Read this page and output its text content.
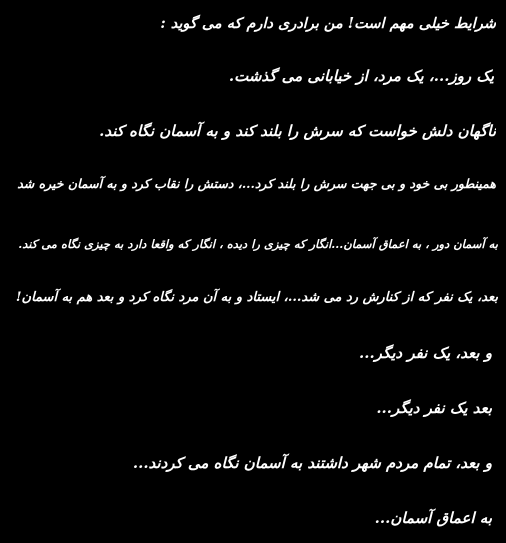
شرایط خیلی مهم است! من برادری دارم که می گوید :
یک روز...، یک مرد، از خیابانی می گذشت.
ناگهان دلش خواست که سرش را بلند کند و به آسمان نگاه کند.
همینطور بی خود و بی جهت سرش را بلند کرد...، دستش را نقاب کرد و به آسمان خیره شد
به آسمان دور ، به اعماق آسمان...انگار که چیزی را دیده ، انگار که واقعا دارد به چیزی نگاه می کند.
بعد، یک نفر که از کنارش رد می شد...، ایستاد و به آن مرد نگاه کرد و بعد هم به آسمان!
و بعد، یک نفر دیگر...
بعد یک نفر دیگر...
و بعد، تمام مردم شهر داشتند به آسمان نگاه می کردند...
به اعماق آسمان...
